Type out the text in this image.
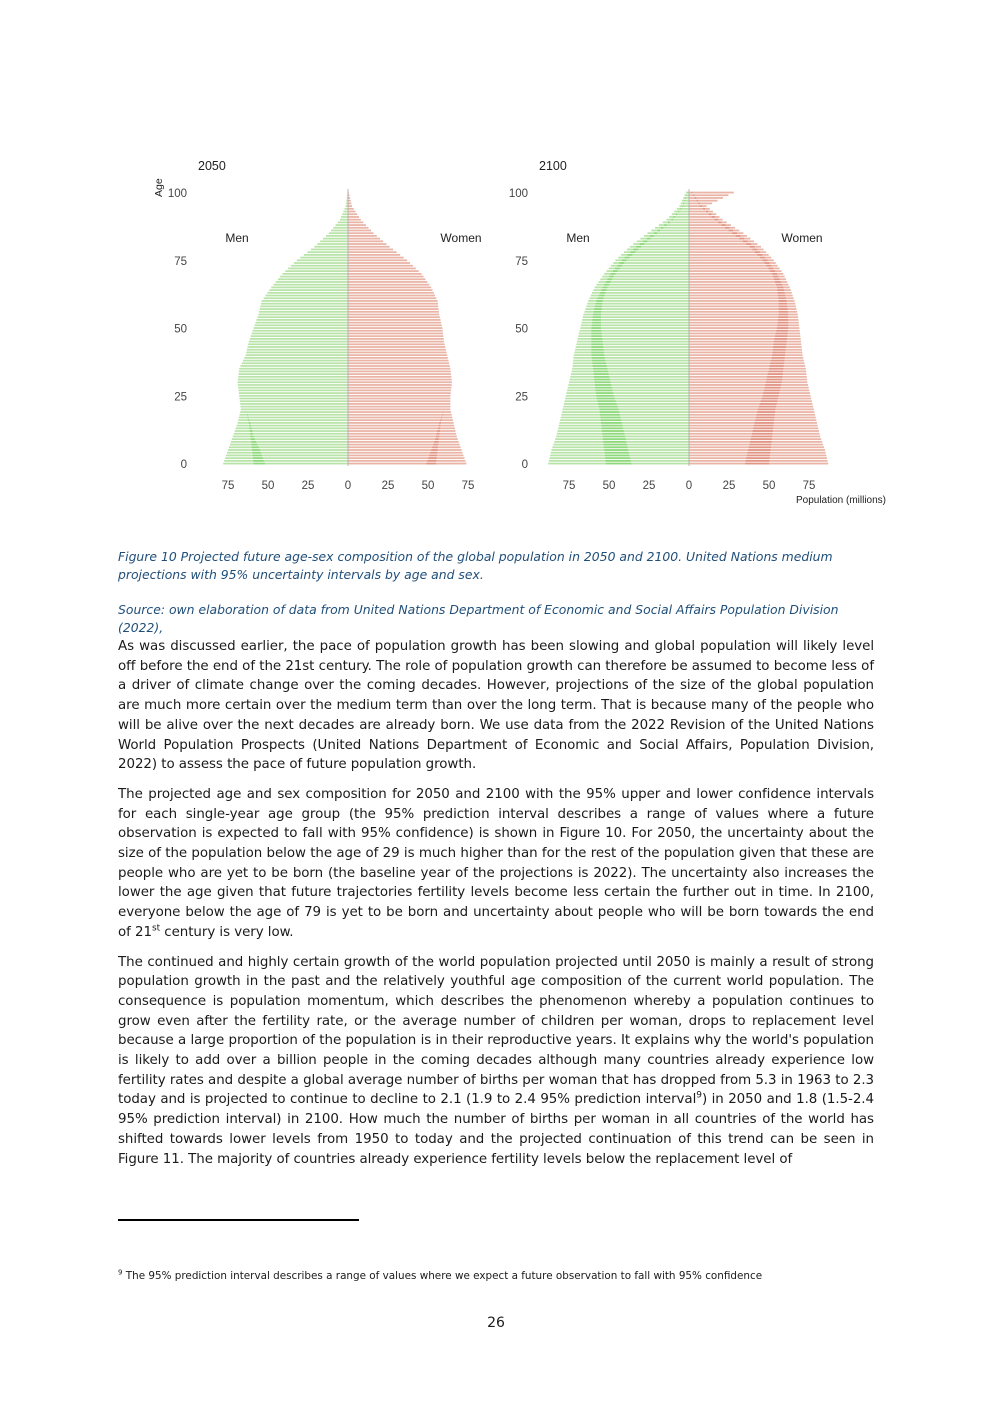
2050
0
25
50
75
100
Age
75 50 25	0	25 50 75
Men	Women
2100
0
25
50
75
100
75 50 25	0	25 50 75
Population (millions)
Men	Women
Figure 10 Projected future age-sex composition of the global population in 2050 and 2100. United Nations medium projections with 95% uncertainty intervals by age and sex.
Source: own elaboration of data from United Nations Department of Economic and Social Affairs Population Division (2022),

As was discussed earlier, the pace of population growth has been slowing and global population will likely level off before the end of the 21st century. The role of population growth can therefore be assumed to become less of a driver of climate change over the coming decades. However, projections of the size of the global population are much more certain over the medium term than over the long term. That is because many of the people who will be alive over the next decades are already born. We use data from the 2022 Revision of the United Nations World Population Prospects (United Nations Department of Economic and Social Affairs, Population Division, 2022) to assess the pace of future population growth.

The projected age and sex composition for 2050 and 2100 with the 95% upper and lower confidence intervals for each single-year age group (the 95% prediction interval describes a range of values where a future observation is expected to fall with 95% confidence) is shown in Figure 10. For 2050, the uncertainty about the size of the population below the age of 29 is much higher than for the rest of the population given that these are people who are yet to be born (the baseline year of the projections is 2022). The uncertainty also increases the lower the age given that future trajectories fertility levels become less certain the further out in time. In 2100, everyone below the age of 79 is yet to be born and uncertainty about people who will be born towards the end of 21st century is very low.

The continued and highly certain growth of the world population projected until 2050 is mainly a result of strong population growth in the past and the relatively youthful age composition of the current world population. The consequence is population momentum, which describes the phenomenon whereby a population continues to grow even after the fertility rate, or the average number of children per woman, drops to replacement level because a large proportion of the population is in their reproductive years. It explains why the world's population is likely to add over a billion people in the coming decades although many countries already experience low fertility rates and despite a global average number of births per woman that has dropped from 5.3 in 1963 to 2.3 today and is projected to continue to decline to 2.1 (1.9 to 2.4 95% prediction interval$^9$) in 2050 and 1.8 (1.5-2.4 95% prediction interval) in 2100. How much the number of births per woman in all countries of the world has shifted towards lower levels from 1950 to today and the projected continuation of this trend can be seen in Figure 11. The majority of countries already experience fertility levels below the replacement level of

$^9$ The 95% prediction interval describes a range of values where we expect a future observation to fall with 95% confidence
26
